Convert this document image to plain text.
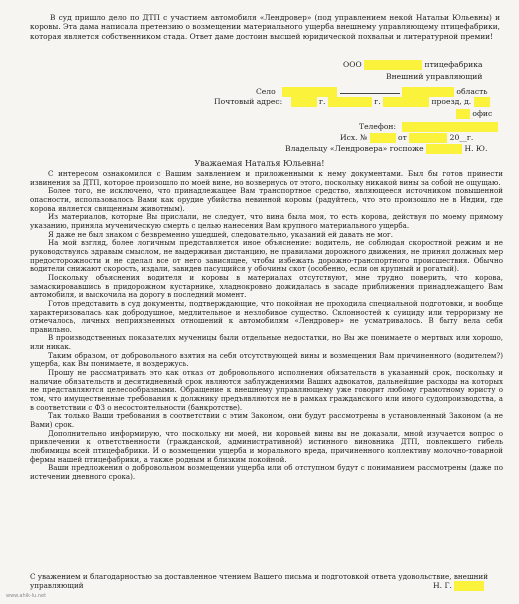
В суд пришло дело по ДТП с участием автомобиля «Лендровер» (под управлением некой Натальи Юльевны) и коровы. Эта дама написала претензию о возмещении материального ущерба внешнему управляющему птицефабрики, которая является собственником стада. Ответ даме достоин высшей юридической похвальи и литературной премии!
ООО	птицефабрика
Внешний управляющий
Село	область
Почтовый адрес:	г.	г.	проезд, д.
офис
Телефон:
Исх. №	от	20__г.
Владельцу «Лендровера» госпоже	Н. Ю.
Уважаемая Наталья Юльевна!

С интересом ознакомился с Вашим заявлением и приложенными к нему документами. Был бы готов принести извинения за ДТП, которое произошло по моей вине, но возвернусь от этого, поскольку никакой вины за собой не ощущаю.

Более того, не исключено, что принадлежащее Вам транспортное средство, являющееся источником повышенной опасности, использовалось Вами как орудие убийства невинной коровы (радуйтесь, что это произошло не в Индии, где корова является священным животным).

Из материалов, которые Вы прислали, не следует, что вина была моя, то есть корова, действуя по моему прямому указанию, приняла мученическую смерть с целью нанесения Вам крупного материального ущерба.

Я даже не был знаком с безвременно ушедшей, следовательно, указаний ей давать не мог.

На мой взгляд, более логичным представляется иное объяснение: водитель, не соблюдая скоростной режим и не руководствуясь здравым смыслом, не выдерживая дистанцию, не правилами дорожного движения, не принял должных мер предосторожности и не сделал все от него зависящее, чтобы избежать дорожно-транспортного происшествия. Обычно водители снижают скорость, издали, завидев пасущийся у обочины скот (особенно, если он крупный и рогатый).

Поскольку объяснения водителя и коровы в материалах отсутствуют, мне трудно поверить, что корова, замаскировавшись в придорожном кустарнике, хладнокровно дожидалась в засаде приближения принадлежащего Вам автомобиля, и выскочила на дорогу в последний момент.

Готов представить в суд документы, подтверждающие, что покойная не проходила специальной подготовки, и вообще характеризовалась как добродушное, медлительное и незлобивое существо. Склонностей к суициду или терроризму не отмечалось, личных неприязненных отношений к автомобилям «Лендровер» не усматривалось. В быту вела себя правильно.

В производственных показателях мученицы были отдельные недостатки, но Вы же понимаете о мертвых или хорошо, или никак.

Таким образом, от добровольного взятия на себя отсутствующей вины и возмещения Вам причиненного (водителем?) ущерба, как Вы понимаете, я воздержусь.

Прошу не рассматривать это как отказ от добровольного исполнения обязательств в указанный срок, поскольку и наличие обязательств и десятидневный срок являются заблуждениями Ваших адвокатов, дальнейшие расходы на которых не представляются целесообразными. Обращение к внешнему управляющему уже говорит любому грамотному юристу о том, что имущественные требования к должнику предъявляются не в рамках гражданского или иного судопроизводства, а в соответствии с ФЗ о несостоятельности (банкротстве).

Так только Ваши требования в соответствии с этим Законом, они будут рассмотрены в установленный Законом (а не Вами) срок.

Дополнительно информирую, что поскольку ни моей, ни коровьей вины вы не доказали, мной изучается вопрос о привлечении к ответственности (гражданской, административной) истинного виновника ДТП, повлекшего гибель любимицы всей птицефабрики. И о возмещении ущерба и морального вреда, причиненного коллективу молочно-товарной фермы нашей птицефабрики, а также родным и близким покойной.

Ваши предложения о добровольном возмещении ущерба или об отступном будут с пониманием рассмотрены (даже по истечении дневного срока).

С уважением и благодарностью за доставленное чтением Вашего письма и подготовкой ответа удовольствие, внешний управляющий	Н. Г.
www.ahik-lu.net
